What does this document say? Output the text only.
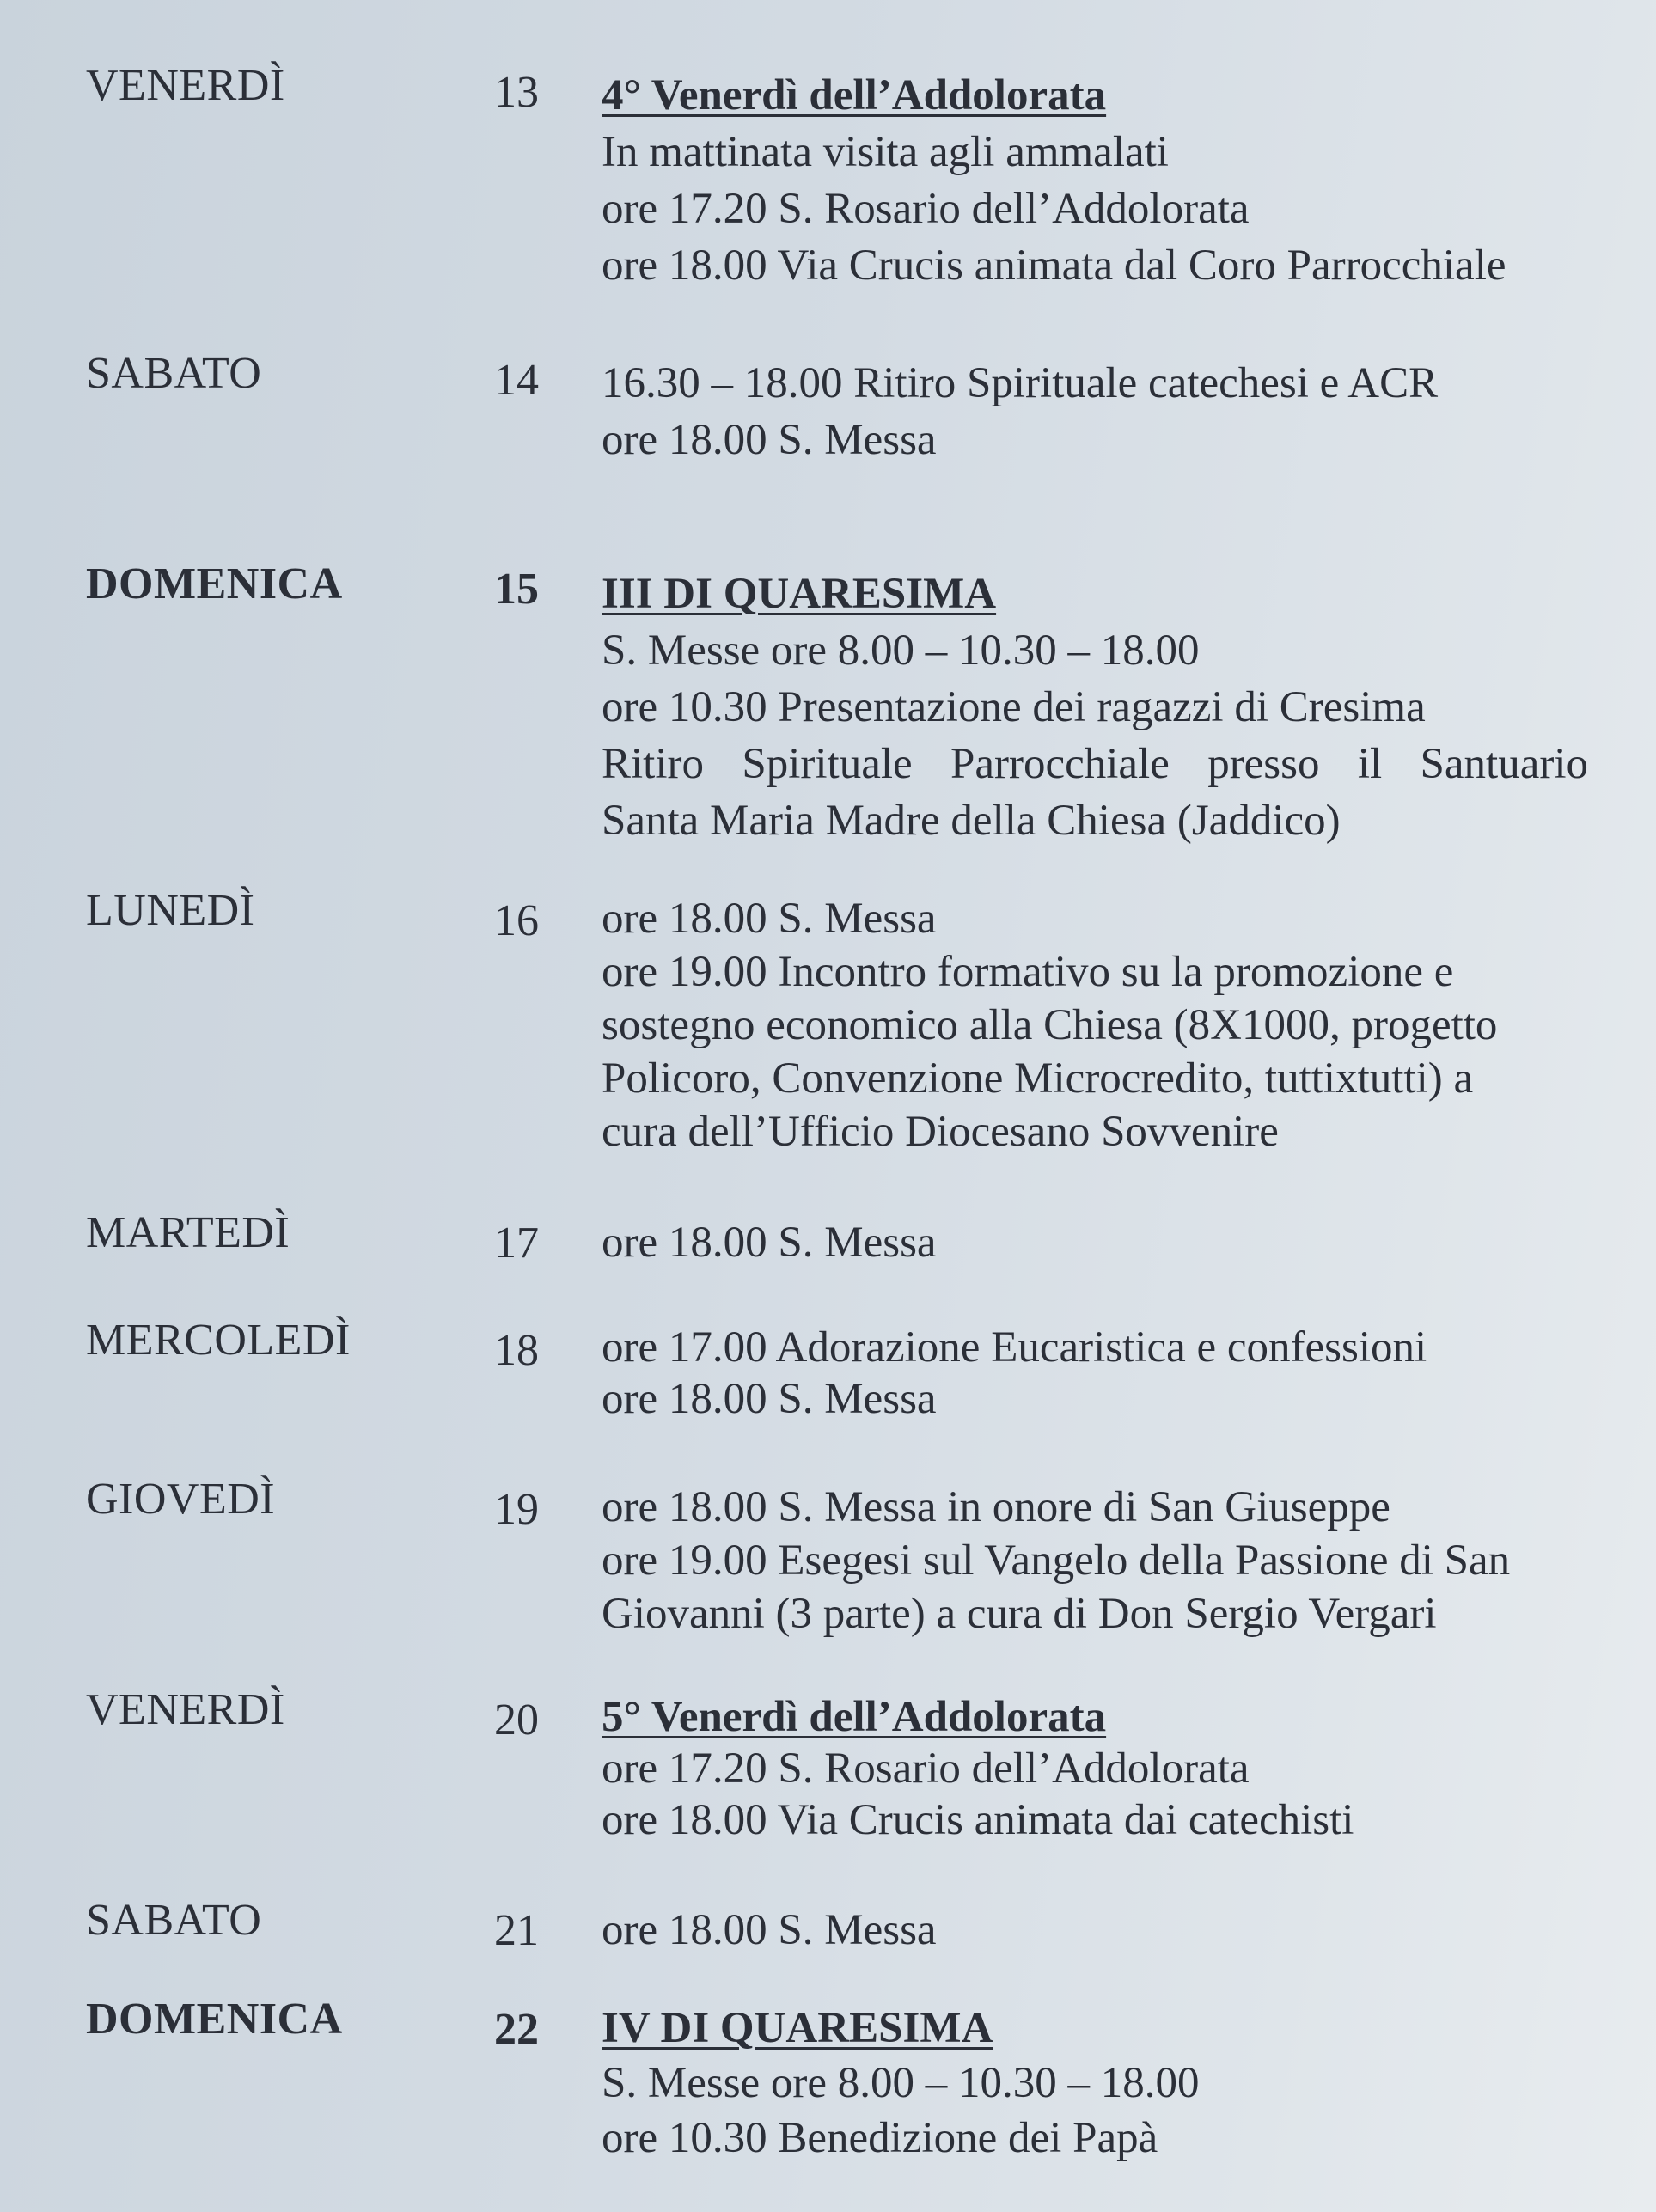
VENERDÌ	13 4° Venerdì dell’Addolorata
In mattinata visita agli ammalati
ore 17.20 S. Rosario dell’Addolorata
ore 18.00 Via Crucis animata dal Coro Parrocchiale
SABATO	14 16.30 – 18.00 Ritiro Spirituale catechesi e ACR
ore 18.00 S. Messa
DOMENICA	15 III DI QUARESIMA
S. Messe ore 8.00 – 10.30 – 18.00
ore 10.30 Presentazione dei ragazzi di Cresima
Ritiro Spirituale Parrocchiale presso il Santuario
Santa Maria Madre della Chiesa (Jaddico)
LUNEDÌ	16 ore 18.00 S. Messa
ore 19.00 Incontro formativo su la promozione e
sostegno economico alla Chiesa (8X1000, progetto
Policoro, Convenzione Microcredito, tuttixtutti) a
cura dell’Ufficio Diocesano Sovvenire
MARTEDÌ	17 ore 18.00 S. Messa
MERCOLEDÌ	18 ore 17.00 Adorazione Eucaristica e confessioni
ore 18.00 S. Messa
GIOVEDÌ	19 ore 18.00 S. Messa in onore di San Giuseppe
ore 19.00 Esegesi sul Vangelo della Passione di San
Giovanni (3 parte) a cura di Don Sergio Vergari
VENERDÌ	20 5° Venerdì dell’Addolorata
ore 17.20 S. Rosario dell’Addolorata
ore 18.00 Via Crucis animata dai catechisti
SABATO	21 ore 18.00 S. Messa
DOMENICA	22 IV DI QUARESIMA
S. Messe ore 8.00 – 10.30 – 18.00
ore 10.30 Benedizione dei Papà
